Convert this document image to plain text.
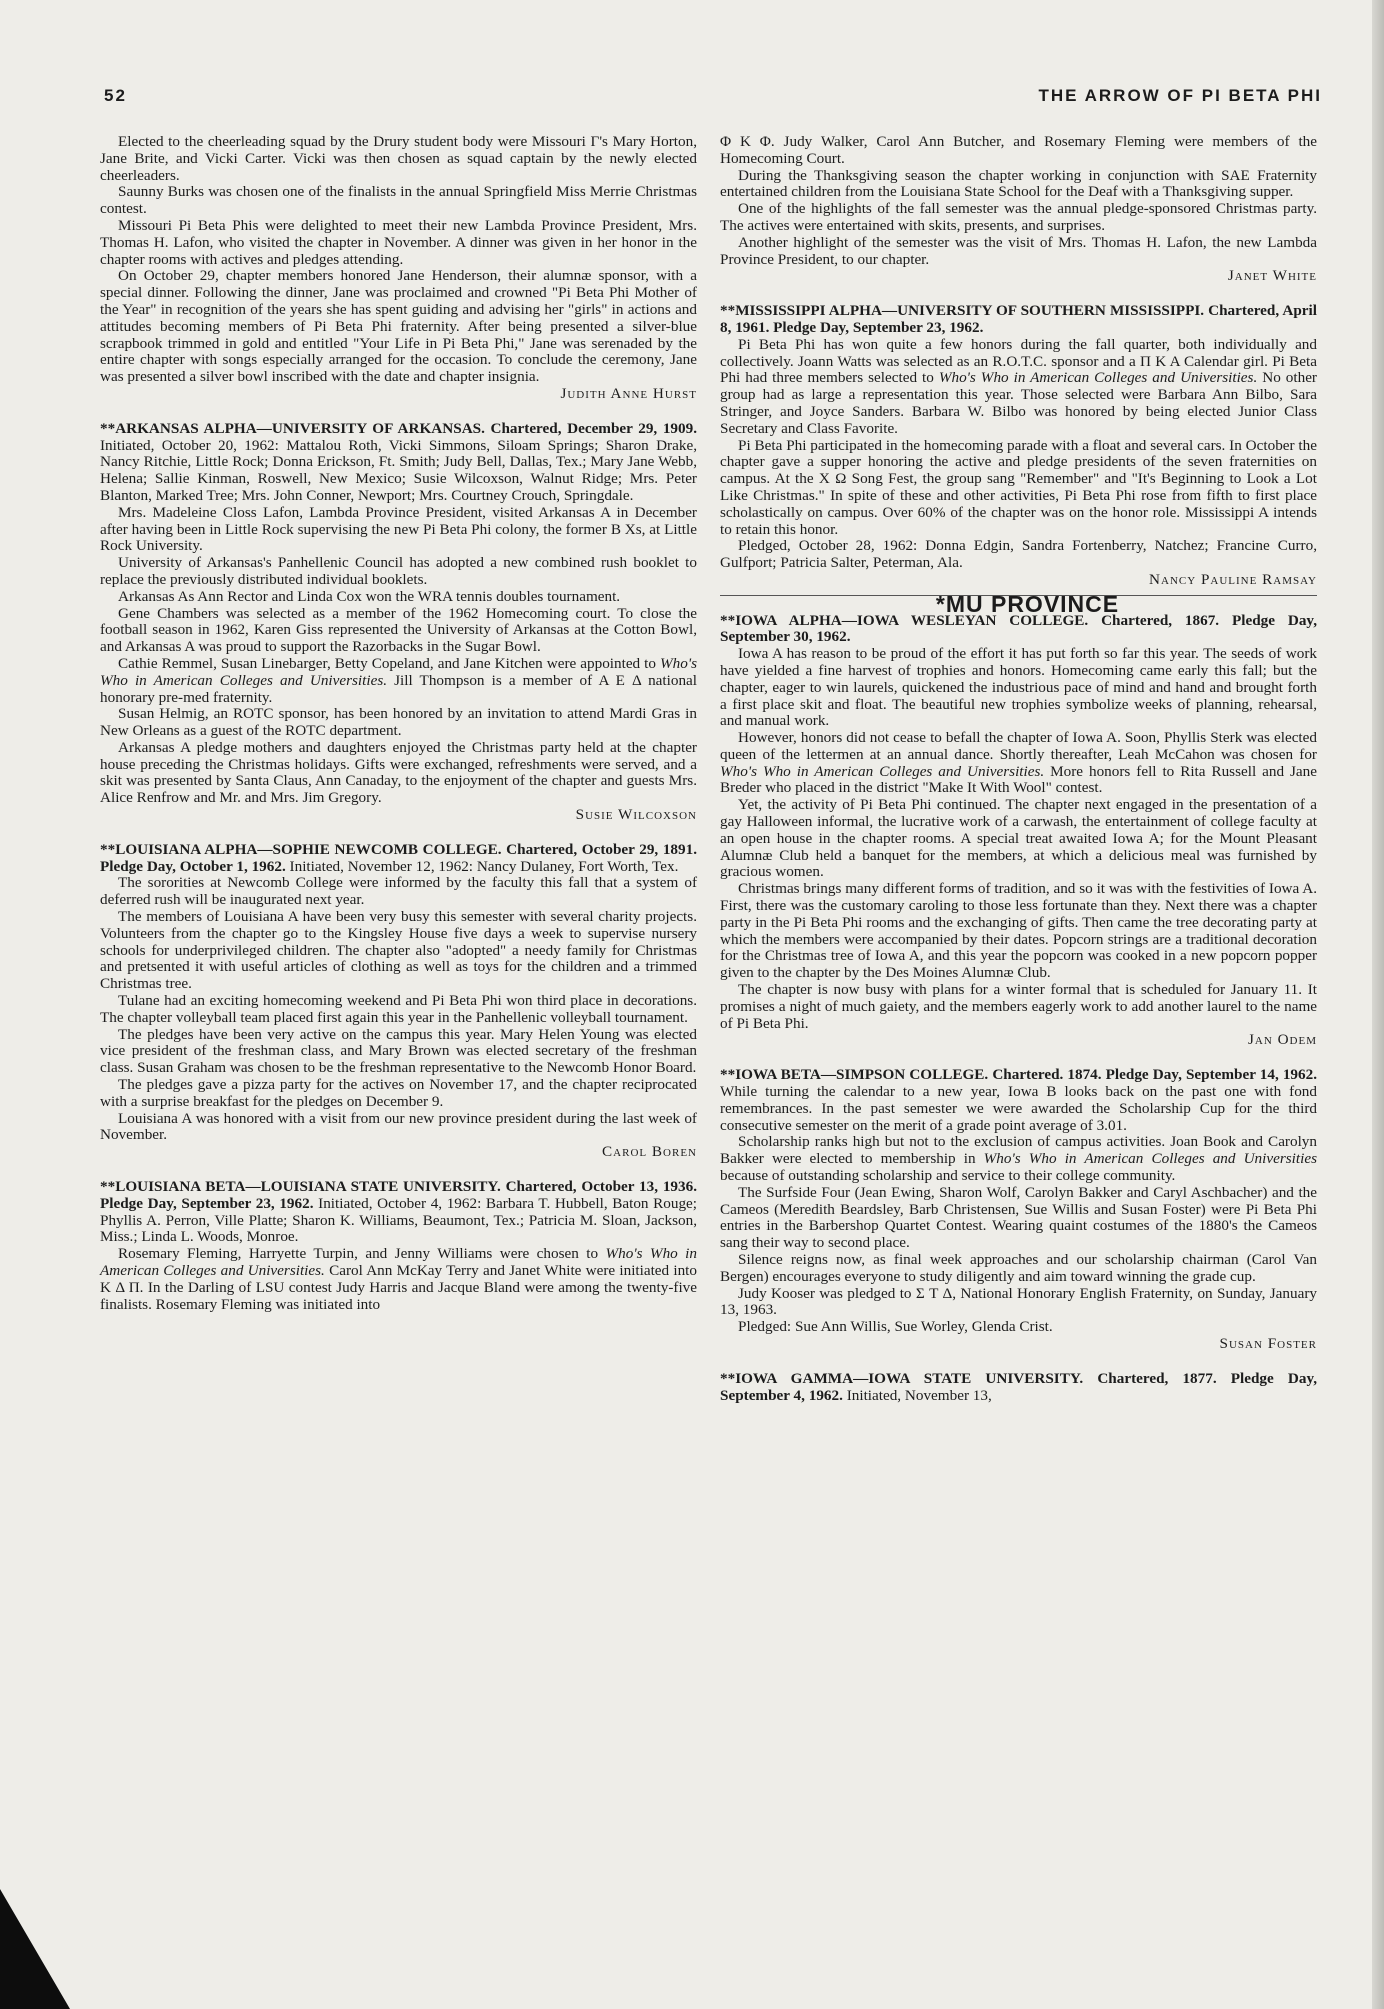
52	THE ARROW OF PI BETA PHI

Elected to the cheerleading squad by the Drury student body were Missouri Γ's Mary Horton, Jane Brite, and Vicki Carter. Vicki was then chosen as squad captain by the newly elected cheerleaders.

Saunny Burks was chosen one of the finalists in the annual Springfield Miss Merrie Christmas contest.

Missouri Pi Beta Phis were delighted to meet their new Lambda Province President, Mrs. Thomas H. Lafon, who visited the chapter in November. A dinner was given in her honor in the chapter rooms with actives and pledges attending.

On October 29, chapter members honored Jane Henderson, their alumnæ sponsor, with a special dinner. Following the dinner, Jane was proclaimed and crowned "Pi Beta Phi Mother of the Year" in recognition of the years she has spent guiding and advising her "girls" in actions and attitudes becoming members of Pi Beta Phi fraternity. After being presented a silver-blue scrapbook trimmed in gold and entitled "Your Life in Pi Beta Phi," Jane was serenaded by the entire chapter with songs especially arranged for the occasion. To conclude the ceremony, Jane was presented a silver bowl inscribed with the date and chapter insignia.

Judith Anne Hurst

**ARKANSAS ALPHA—UNIVERSITY OF ARKANSAS. Chartered, December 29, 1909. Initiated, October 20, 1962: Mattalou Roth, Vicki Simmons, Siloam Springs; Sharon Drake, Nancy Ritchie, Little Rock; Donna Erickson, Ft. Smith; Judy Bell, Dallas, Tex.; Mary Jane Webb, Helena; Sallie Kinman, Roswell, New Mexico; Susie Wilcoxson, Walnut Ridge; Mrs. Peter Blanton, Marked Tree; Mrs. John Conner, Newport; Mrs. Courtney Crouch, Springdale.

Mrs. Madeleine Closs Lafon, Lambda Province President, visited Arkansas A in December after having been in Little Rock supervising the new Pi Beta Phi colony, the former B Xs, at Little Rock University.

University of Arkansas's Panhellenic Council has adopted a new combined rush booklet to replace the previously distributed individual booklets.

Arkansas As Ann Rector and Linda Cox won the WRA tennis doubles tournament.

Gene Chambers was selected as a member of the 1962 Homecoming court. To close the football season in 1962, Karen Giss represented the University of Arkansas at the Cotton Bowl, and Arkansas A was proud to support the Razorbacks in the Sugar Bowl.

Cathie Remmel, Susan Linebarger, Betty Copeland, and Jane Kitchen were appointed to Who's Who in American Colleges and Universities. Jill Thompson is a member of A E Δ national honorary pre-med fraternity.

Susan Helmig, an ROTC sponsor, has been honored by an invitation to attend Mardi Gras in New Orleans as a guest of the ROTC department.

Arkansas A pledge mothers and daughters enjoyed the Christmas party held at the chapter house preceding the Christmas holidays. Gifts were exchanged, refreshments were served, and a skit was presented by Santa Claus, Ann Canaday, to the enjoyment of the chapter and guests Mrs. Alice Renfrow and Mr. and Mrs. Jim Gregory.

Susie Wilcoxson

**LOUISIANA ALPHA—SOPHIE NEWCOMB COLLEGE. Chartered, October 29, 1891. Pledge Day, October 1, 1962. Initiated, November 12, 1962: Nancy Dulaney, Fort Worth, Tex.

The sororities at Newcomb College were informed by the faculty this fall that a system of deferred rush will be inaugurated next year.

The members of Louisiana A have been very busy this semester with several charity projects. Volunteers from the chapter go to the Kingsley House five days a week to supervise nursery schools for underprivileged children. The chapter also "adopted" a needy family for Christmas and pretsented it with useful articles of clothing as well as toys for the children and a trimmed Christmas tree.

Tulane had an exciting homecoming weekend and Pi Beta Phi won third place in decorations. The chapter volleyball team placed first again this year in the Panhellenic volleyball tournament.

The pledges have been very active on the campus this year. Mary Helen Young was elected vice president of the freshman class, and Mary Brown was elected secretary of the freshman class. Susan Graham was chosen to be the freshman representative to the Newcomb Honor Board.

The pledges gave a pizza party for the actives on November 17, and the chapter reciprocated with a surprise breakfast for the pledges on December 9.

Louisiana A was honored with a visit from our new province president during the last week of November.

Carol Boren

**LOUISIANA BETA—LOUISIANA STATE UNIVERSITY. Chartered, October 13, 1936. Pledge Day, September 23, 1962. Initiated, October 4, 1962: Barbara T. Hubbell, Baton Rouge; Phyllis A. Perron, Ville Platte; Sharon K. Williams, Beaumont, Tex.; Patricia M. Sloan, Jackson, Miss.; Linda L. Woods, Monroe.

Rosemary Fleming, Harryette Turpin, and Jenny Williams were chosen to Who's Who in American Colleges and Universities. Carol Ann McKay Terry and Janet White were initiated into K Δ Π. In the Darling of LSU contest Judy Harris and Jacque Bland were among the twenty-five finalists. Rosemary Fleming was initiated into

Φ K Φ. Judy Walker, Carol Ann Butcher, and Rosemary Fleming were members of the Homecoming Court.

During the Thanksgiving season the chapter working in conjunction with SAE Fraternity entertained children from the Louisiana State School for the Deaf with a Thanksgiving supper.

One of the highlights of the fall semester was the annual pledge-sponsored Christmas party. The actives were entertained with skits, presents, and surprises.

Another highlight of the semester was the visit of Mrs. Thomas H. Lafon, the new Lambda Province President, to our chapter.

Janet White

**MISSISSIPPI ALPHA—UNIVERSITY OF SOUTHERN MISSISSIPPI. Chartered, April 8, 1961. Pledge Day, September 23, 1962.

Pi Beta Phi has won quite a few honors during the fall quarter, both individually and collectively. Joann Watts was selected as an R.O.T.C. sponsor and a Π K A Calendar girl. Pi Beta Phi had three members selected to Who's Who in American Colleges and Universities. No other group had as large a representation this year. Those selected were Barbara Ann Bilbo, Sara Stringer, and Joyce Sanders. Barbara W. Bilbo was honored by being elected Junior Class Secretary and Class Favorite.

Pi Beta Phi participated in the homecoming parade with a float and several cars. In October the chapter gave a supper honoring the active and pledge presidents of the seven fraternities on campus. At the X Ω Song Fest, the group sang "Remember" and "It's Beginning to Look a Lot Like Christmas." In spite of these and other activities, Pi Beta Phi rose from fifth to first place scholastically on campus. Over 60% of the chapter was on the honor role. Mississippi A intends to retain this honor.

Pledged, October 28, 1962: Donna Edgin, Sandra Fortenberry, Natchez; Francine Curro, Gulfport; Patricia Salter, Peterman, Ala.

Nancy Pauline Ramsay

*MU PROVINCE

**IOWA ALPHA—IOWA WESLEYAN COLLEGE. Chartered, 1867. Pledge Day, September 30, 1962.

Iowa A has reason to be proud of the effort it has put forth so far this year. The seeds of work have yielded a fine harvest of trophies and honors. Homecoming came early this fall; but the chapter, eager to win laurels, quickened the industrious pace of mind and hand and brought forth a first place skit and float. The beautiful new trophies symbolize weeks of planning, rehearsal, and manual work.

However, honors did not cease to befall the chapter of Iowa A. Soon, Phyllis Sterk was elected queen of the lettermen at an annual dance. Shortly thereafter, Leah McCahon was chosen for Who's Who in American Colleges and Universities. More honors fell to Rita Russell and Jane Breder who placed in the district "Make It With Wool" contest.

Yet, the activity of Pi Beta Phi continued. The chapter next engaged in the presentation of a gay Halloween informal, the lucrative work of a carwash, the entertainment of college faculty at an open house in the chapter rooms. A special treat awaited Iowa A; for the Mount Pleasant Alumnæ Club held a banquet for the members, at which a delicious meal was furnished by gracious women.

Christmas brings many different forms of tradition, and so it was with the festivities of Iowa A. First, there was the customary caroling to those less fortunate than they. Next there was a chapter party in the Pi Beta Phi rooms and the exchanging of gifts. Then came the tree decorating party at which the members were accompanied by their dates. Popcorn strings are a traditional decoration for the Christmas tree of Iowa A, and this year the popcorn was cooked in a new popcorn popper given to the chapter by the Des Moines Alumnæ Club.

The chapter is now busy with plans for a winter formal that is scheduled for January 11. It promises a night of much gaiety, and the members eagerly work to add another laurel to the name of Pi Beta Phi.

Jan Odem

**IOWA BETA—SIMPSON COLLEGE. Chartered. 1874. Pledge Day, September 14, 1962. While turning the calendar to a new year, Iowa B looks back on the past one with fond remembrances. In the past semester we were awarded the Scholarship Cup for the third consecutive semester on the merit of a grade point average of 3.01.

Scholarship ranks high but not to the exclusion of campus activities. Joan Book and Carolyn Bakker were elected to membership in Who's Who in American Colleges and Universities because of outstanding scholarship and service to their college community.

The Surfside Four (Jean Ewing, Sharon Wolf, Carolyn Bakker and Caryl Aschbacher) and the Cameos (Meredith Beardsley, Barb Christensen, Sue Willis and Susan Foster) were Pi Beta Phi entries in the Barbershop Quartet Contest. Wearing quaint costumes of the 1880's the Cameos sang their way to second place.

Silence reigns now, as final week approaches and our scholarship chairman (Carol Van Bergen) encourages everyone to study diligently and aim toward winning the grade cup.

Judy Kooser was pledged to Σ T Δ, National Honorary English Fraternity, on Sunday, January 13, 1963.

Pledged: Sue Ann Willis, Sue Worley, Glenda Crist.

Susan Foster

**IOWA GAMMA—IOWA STATE UNIVERSITY. Chartered, 1877. Pledge Day, September 4, 1962. Initiated, November 13,
